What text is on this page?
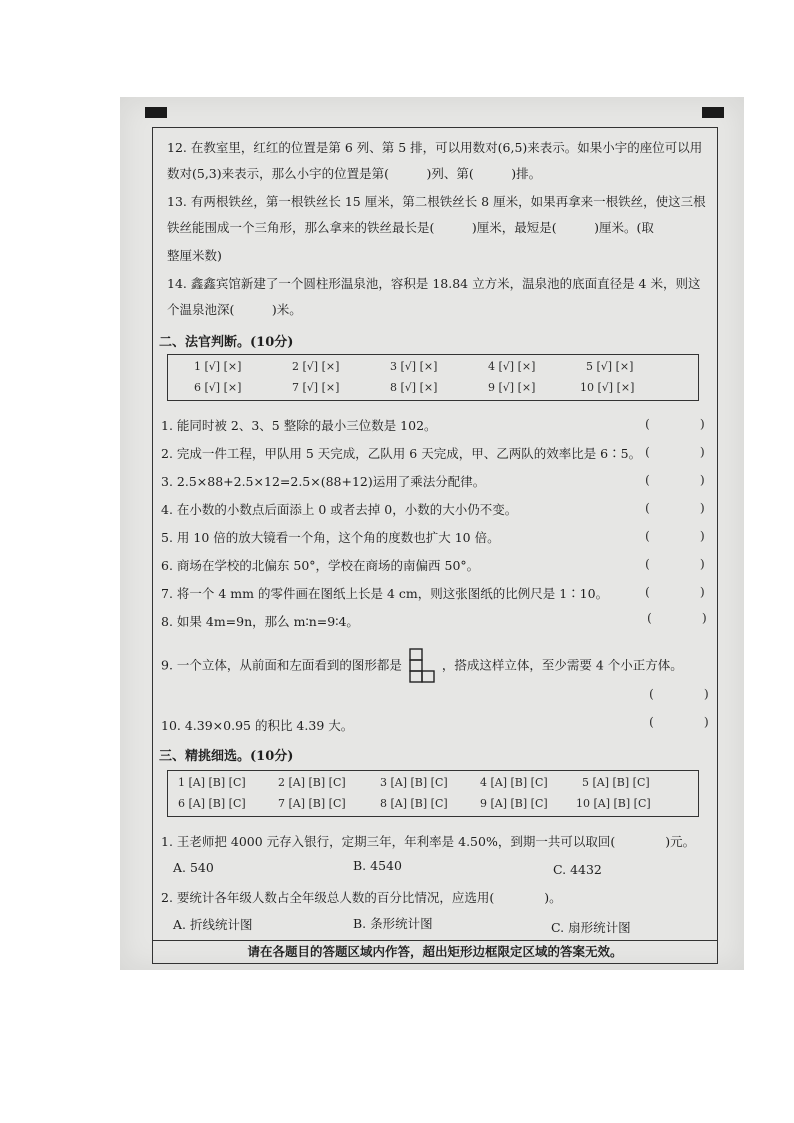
12. 在教室里，红红的位置是第 6 列、第 5 排，可以用数对(6,5)来表示。如果小宇的座位可以用
数对(5,3)来表示，那么小宇的位置是第(　　　)列、第(　　　)排。
13. 有两根铁丝，第一根铁丝长 15 厘米，第二根铁丝长 8 厘米，如果再拿来一根铁丝，使这三根
铁丝能围成一个三角形，那么拿来的铁丝最长是(　　　)厘米，最短是(　　　)厘米。(取
整厘米数)
14. 鑫鑫宾馆新建了一个圆柱形温泉池，容积是 18.84 立方米，温泉池的底面直径是 4 米，则这
个温泉池深(　　　)米。
二、法官判断。(10分)
1 [√] [×]	2 [√] [×]	3 [√] [×]	4 [√] [×]	5 [√] [×]
6 [√] [×]	7 [√] [×]	8 [√] [×]	9 [√] [×]	10 [√] [×]
1. 能同时被 2、3、5 整除的最小三位数是 102。	(　　　　)
2. 完成一件工程，甲队用 5 天完成，乙队用 6 天完成，甲、乙两队的效率比是 6∶5。 (　　　　)
3. 2.5×88+2.5×12=2.5×(88+12)运用了乘法分配律。	(　　　　)
4. 在小数的小数点后面添上 0 或者去掉 0，小数的大小仍不变。	(　　　　)
5. 用 10 倍的放大镜看一个角，这个角的度数也扩大 10 倍。	(　　　　)
6. 商场在学校的北偏东 50°，学校在商场的南偏西 50°。	(　　　　)
7. 将一个 4 mm 的零件画在图纸上长是 4 cm，则这张图纸的比例尺是 1∶10。	(　　　　)
8. 如果 4m=9n，那么 m∶n=9∶4。	(　　　　)
9. 一个立体，从前面和左面看到的图形都是	，搭成这样立体，至少需要 4 个小正方体。
(　　　　)
10. 4.39×0.95 的积比 4.39 大。	(　　　　)
三、精挑细选。(10分)
1 [A] [B] [C]	2 [A] [B] [C]	3 [A] [B] [C]	4 [A] [B] [C]	5 [A] [B] [C]
6 [A] [B] [C]	7 [A] [B] [C]	8 [A] [B] [C]	9 [A] [B] [C]	10 [A] [B] [C]
1. 王老师把 4000 元存入银行，定期三年，年利率是 4.50%，到期一共可以取回(　　　　)元。
A. 540	B. 4540	C. 4432
2. 要统计各年级人数占全年级总人数的百分比情况，应选用(　　　　)。
A. 折线统计图	B. 条形统计图	C. 扇形统计图
请在各题目的答题区域内作答，超出矩形边框限定区域的答案无效。
